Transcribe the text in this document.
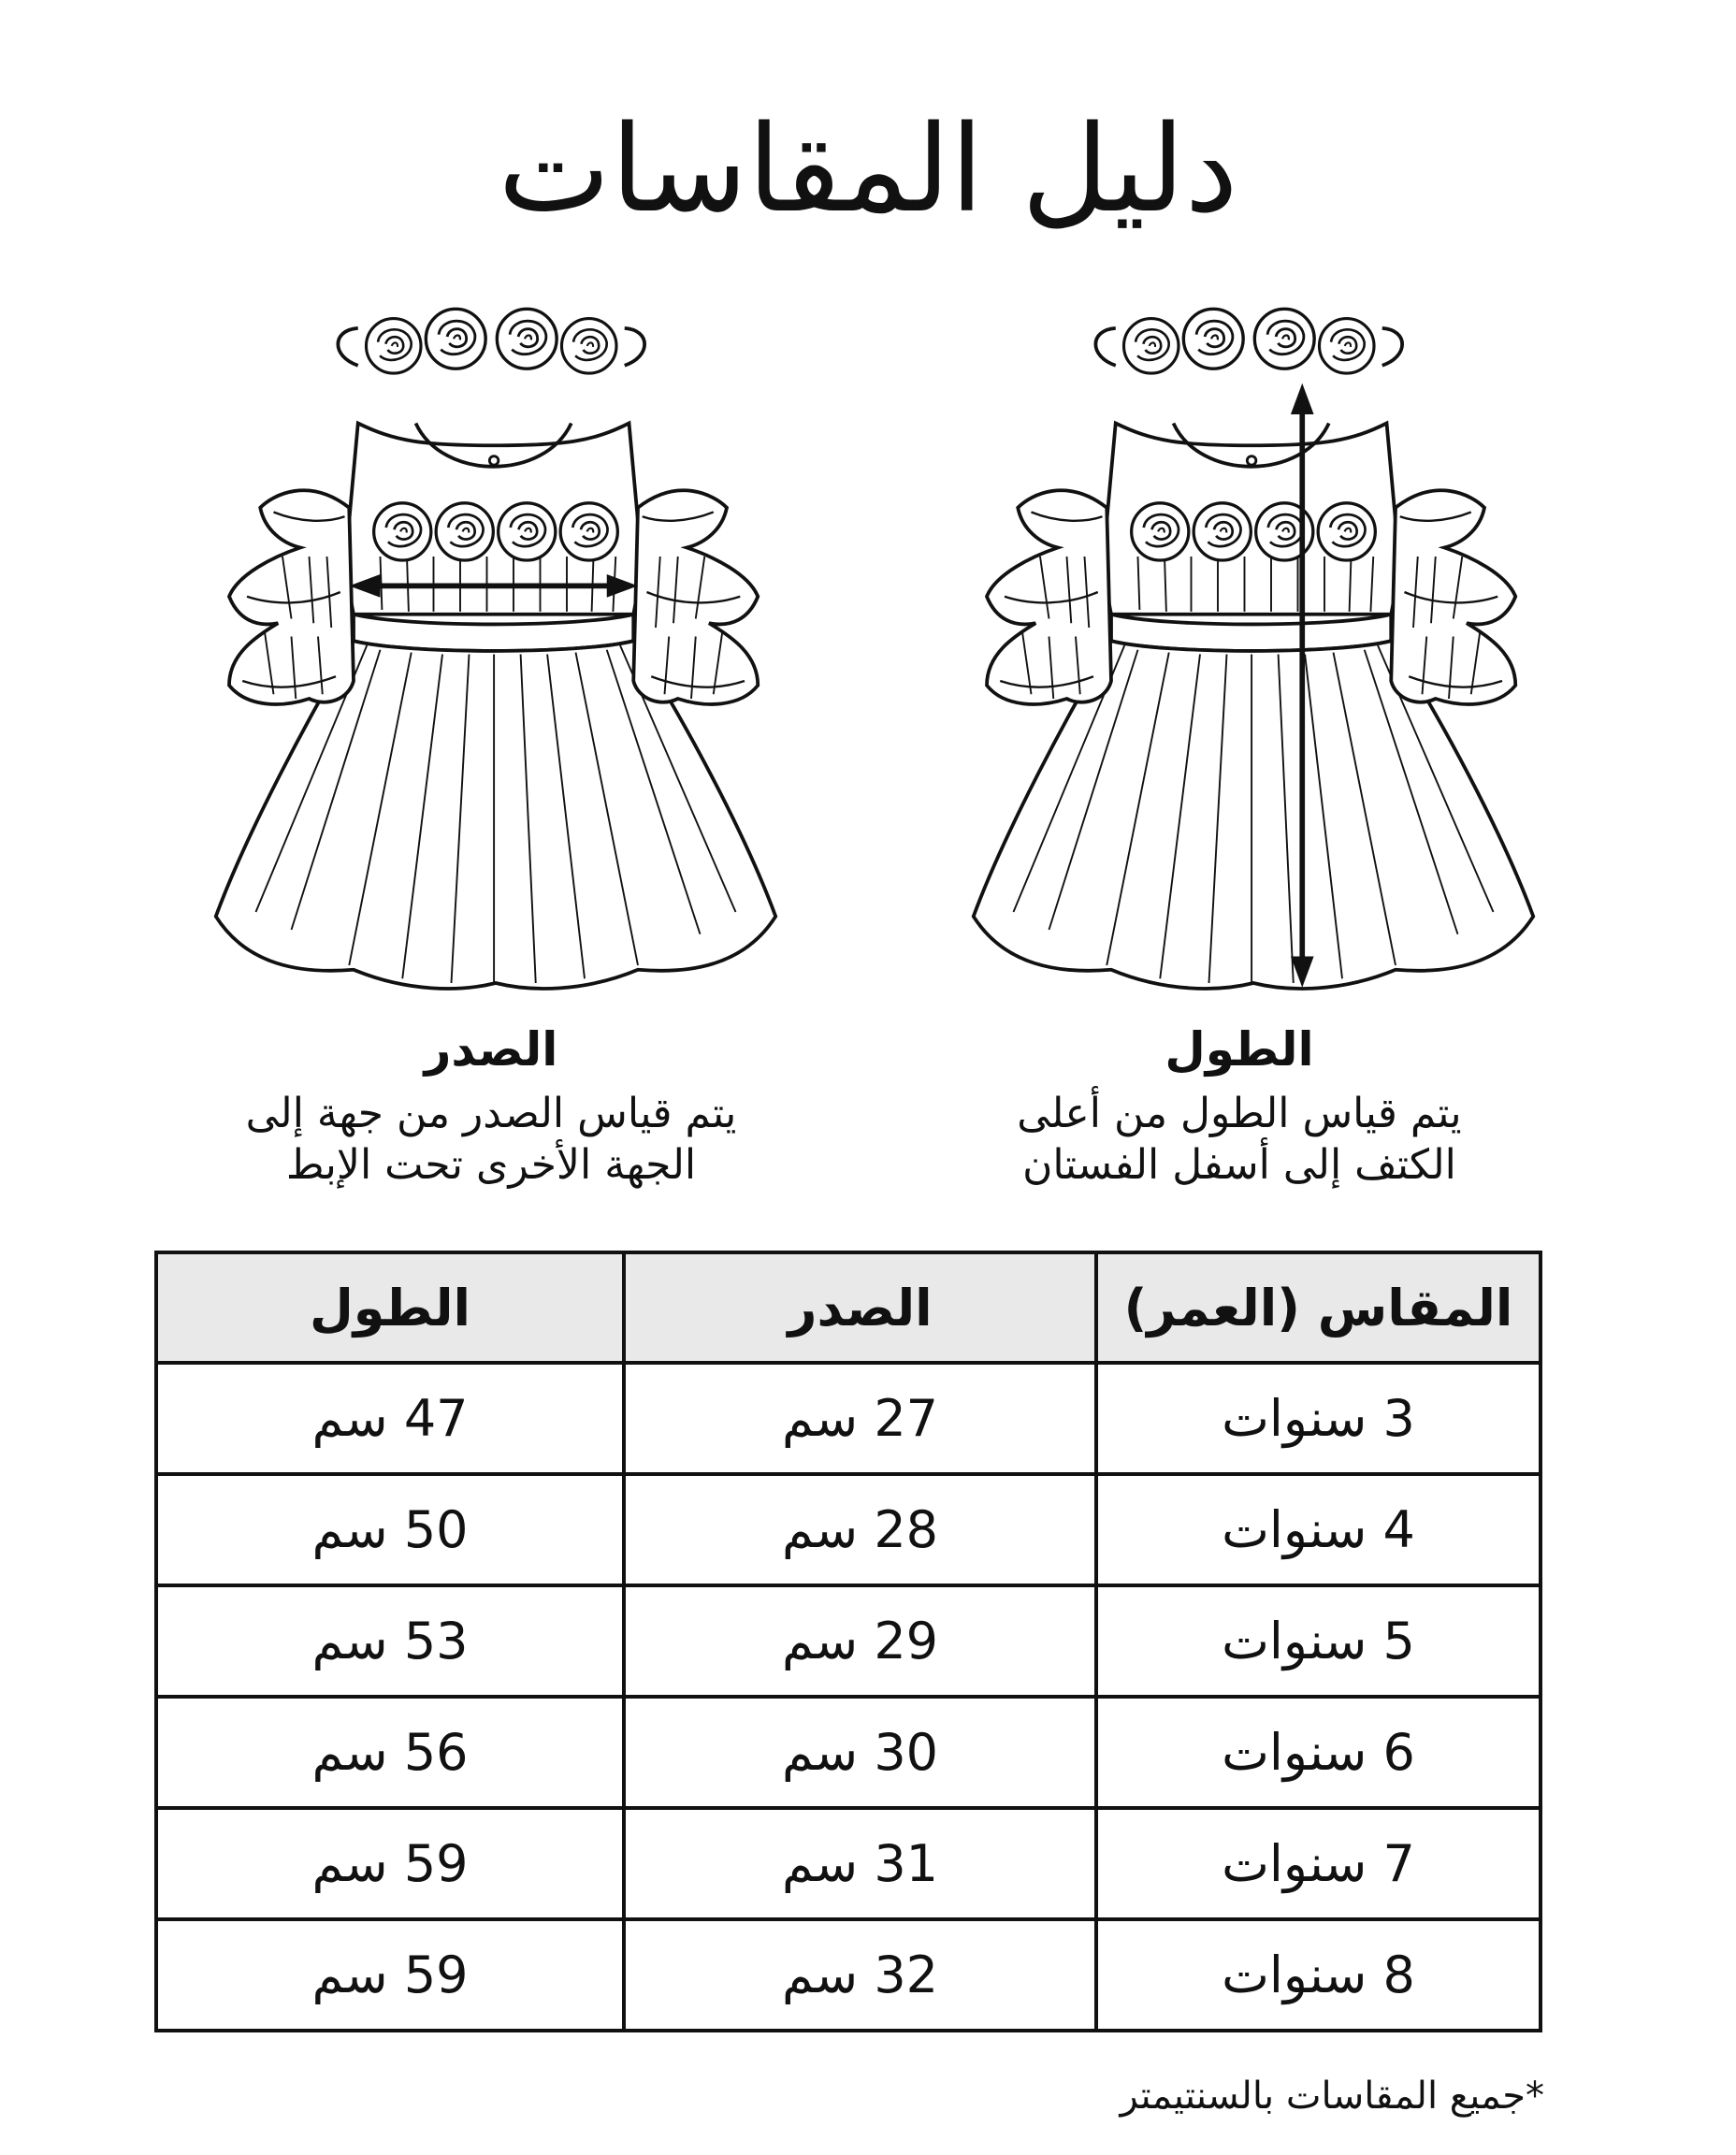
دليل المقاسات
الطول

يتم قياس الطول من أعلى
الكتف إلى أسفل الفستان

الصدر

يتم قياس الصدر من جهة إلى
الجهة الأخرى تحت الإبط

المقاس (العمر)	الصدر	الطول
3 سنوات	27 سم	47 سم
4 سنوات	28 سم	50 سم
5 سنوات	29 سم	53 سم
6 سنوات	30 سم	56 سم
7 سنوات	31 سم	59 سم
8 سنوات	32 سم	59 سم
*جميع المقاسات بالسنتيمتر
